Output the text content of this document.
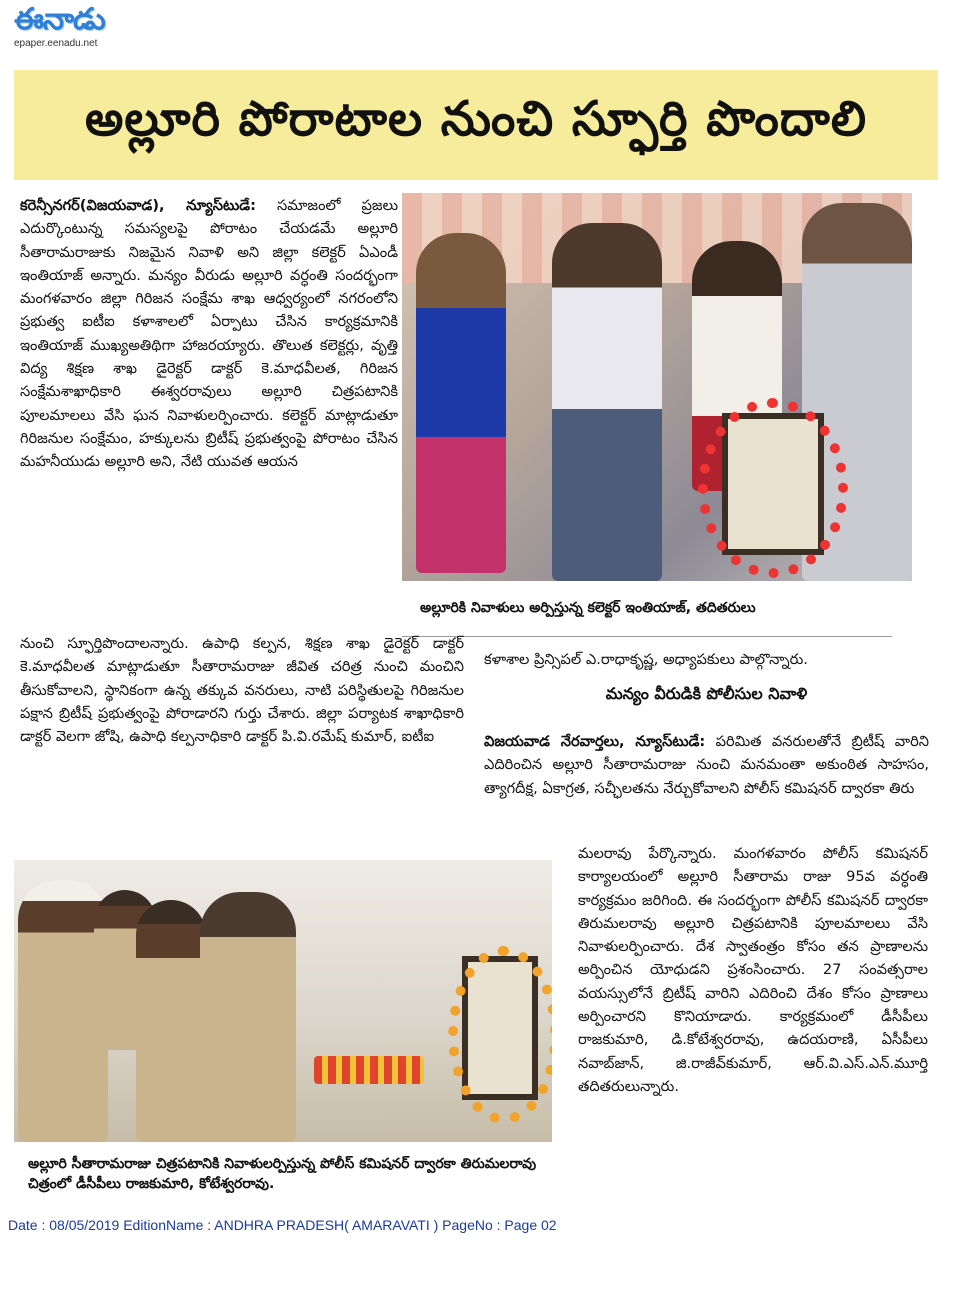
ఈనాడు
epaper.eenadu.net
అల్లూరి పోరాటాల నుంచి స్ఫూర్తి పొందాలి
కరెన్సీనగర్(విజయవాడ), న్యూస్‌టుడే: సమాజంలో ప్రజలు ఎదుర్కొంటున్న సమస్యలపై పోరాటం చేయడమే అల్లూరి సీతారామరాజుకు నిజమైన నివాళి అని జిల్లా కలెక్టర్ ఏఎండీ ఇంతియాజ్ అన్నారు. మన్యం వీరుడు అల్లూరి వర్ధంతి సందర్భంగా మంగళవారం జిల్లా గిరిజన సంక్షేమ శాఖ ఆధ్వర్యంలో నగరంలోని ప్రభుత్వ ఐటీఐ కళాశాలలో ఏర్పాటు చేసిన కార్యక్రమానికి ఇంతియాజ్ ముఖ్యఅతిథిగా హాజరయ్యారు. తొలుత కలెక్టర్లు, వృత్తి విద్య శిక్షణ శాఖ డైరెక్టర్ డాక్టర్ కె.మాధవీలత, గిరిజన సంక్షేమశాఖాధికారి ఈశ్వరరావులు అల్లూరి చిత్రపటానికి పూలమాలలు వేసి ఘన నివాళులర్పించారు. కలెక్టర్ మాట్లాడుతూ గిరిజనుల సంక్షేమం, హక్కులను బ్రిటీష్ ప్రభుత్వంపై పోరాటం చేసిన మహనీయుడు అల్లూరి అని, నేటి యువత ఆయన
అల్లూరికి నివాళులు అర్పిస్తున్న కలెక్టర్ ఇంతియాజ్, తదితరులు
నుంచి స్ఫూర్తిపొందాలన్నారు. ఉపాధి కల్పన, శిక్షణ శాఖ డైరెక్టర్ డాక్టర్ కె.మాధవీలత మాట్లాడుతూ సీతారామరాజు జీవిత చరిత్ర నుంచి మంచిని తీసుకోవాలని, స్థానికంగా ఉన్న తక్కువ వనరులు, నాటి పరిస్థితులపై గిరిజనుల పక్షాన బ్రిటీష్ ప్రభుత్వంపై పోరాడారని గుర్తు చేశారు. జిల్లా పర్యాటక శాఖాధికారి డాక్టర్ వెలగా జోషి, ఉపాధి కల్పనాధికారి డాక్టర్ పి.వి.రమేష్ కుమార్, ఐటీఐ
కళాశాల ప్రిన్సిపల్ ఎ.రాధాకృష్ణ, అధ్యాపకులు పాల్గొన్నారు.
మన్యం వీరుడికి పోలీసుల నివాళి
విజయవాడ నేరవార్తలు, న్యూస్‌టుడే: పరిమిత వనరులతోనే బ్రిటీష్ వారిని ఎదిరించిన అల్లూరి సీతారామరాజు నుంచి మనమంతా అకుంఠిత సాహసం, త్యాగదీక్ష, ఏకాగ్రత, సచ్ఛీలతను నేర్చుకోవాలని పోలీస్ కమిషనర్ ద్వారకా తిరు
మలరావు పేర్కొన్నారు. మంగళవారం పోలీస్ కమిషనర్ కార్యాలయంలో అల్లూరి సీతారామ రాజు 95వ వర్ధంతి కార్యక్రమం జరిగింది. ఈ సందర్భంగా పోలీస్ కమిషనర్ ద్వారకా తిరుమలరావు అల్లూరి చిత్రపటానికి పూలమాలలు వేసి నివాళులర్పించారు. దేశ స్వాతంత్రం కోసం తన ప్రాణాలను అర్పించిన యోధుడని ప్రశంసించారు. 27 సంవత్సరాల వయస్సులోనే బ్రిటీష్ వారిని ఎదిరించి దేశం కోసం ప్రాణాలు అర్పించారని కొనియాడారు. కార్యక్రమంలో డీసీపీలు రాజకుమారి, డి.కోటేశ్వరరావు, ఉదయరాణి, ఏసీపీలు నవాబ్‌జాన్, జి.రాజీవ్‌కుమార్, ఆర్.వి.ఎస్.ఎన్.మూర్తి తదితరులున్నారు.
అల్లూరి సీతారామరాజు చిత్రపటానికి నివాళులర్పిస్తున్న పోలీస్ కమిషనర్ ద్వారకా తిరుమలరావు చిత్రంలో డీసీపీలు రాజకుమారి, కోటేశ్వరరావు.
Date : 08/05/2019 EditionName : ANDHRA PRADESH( AMARAVATI ) PageNo : Page 02
